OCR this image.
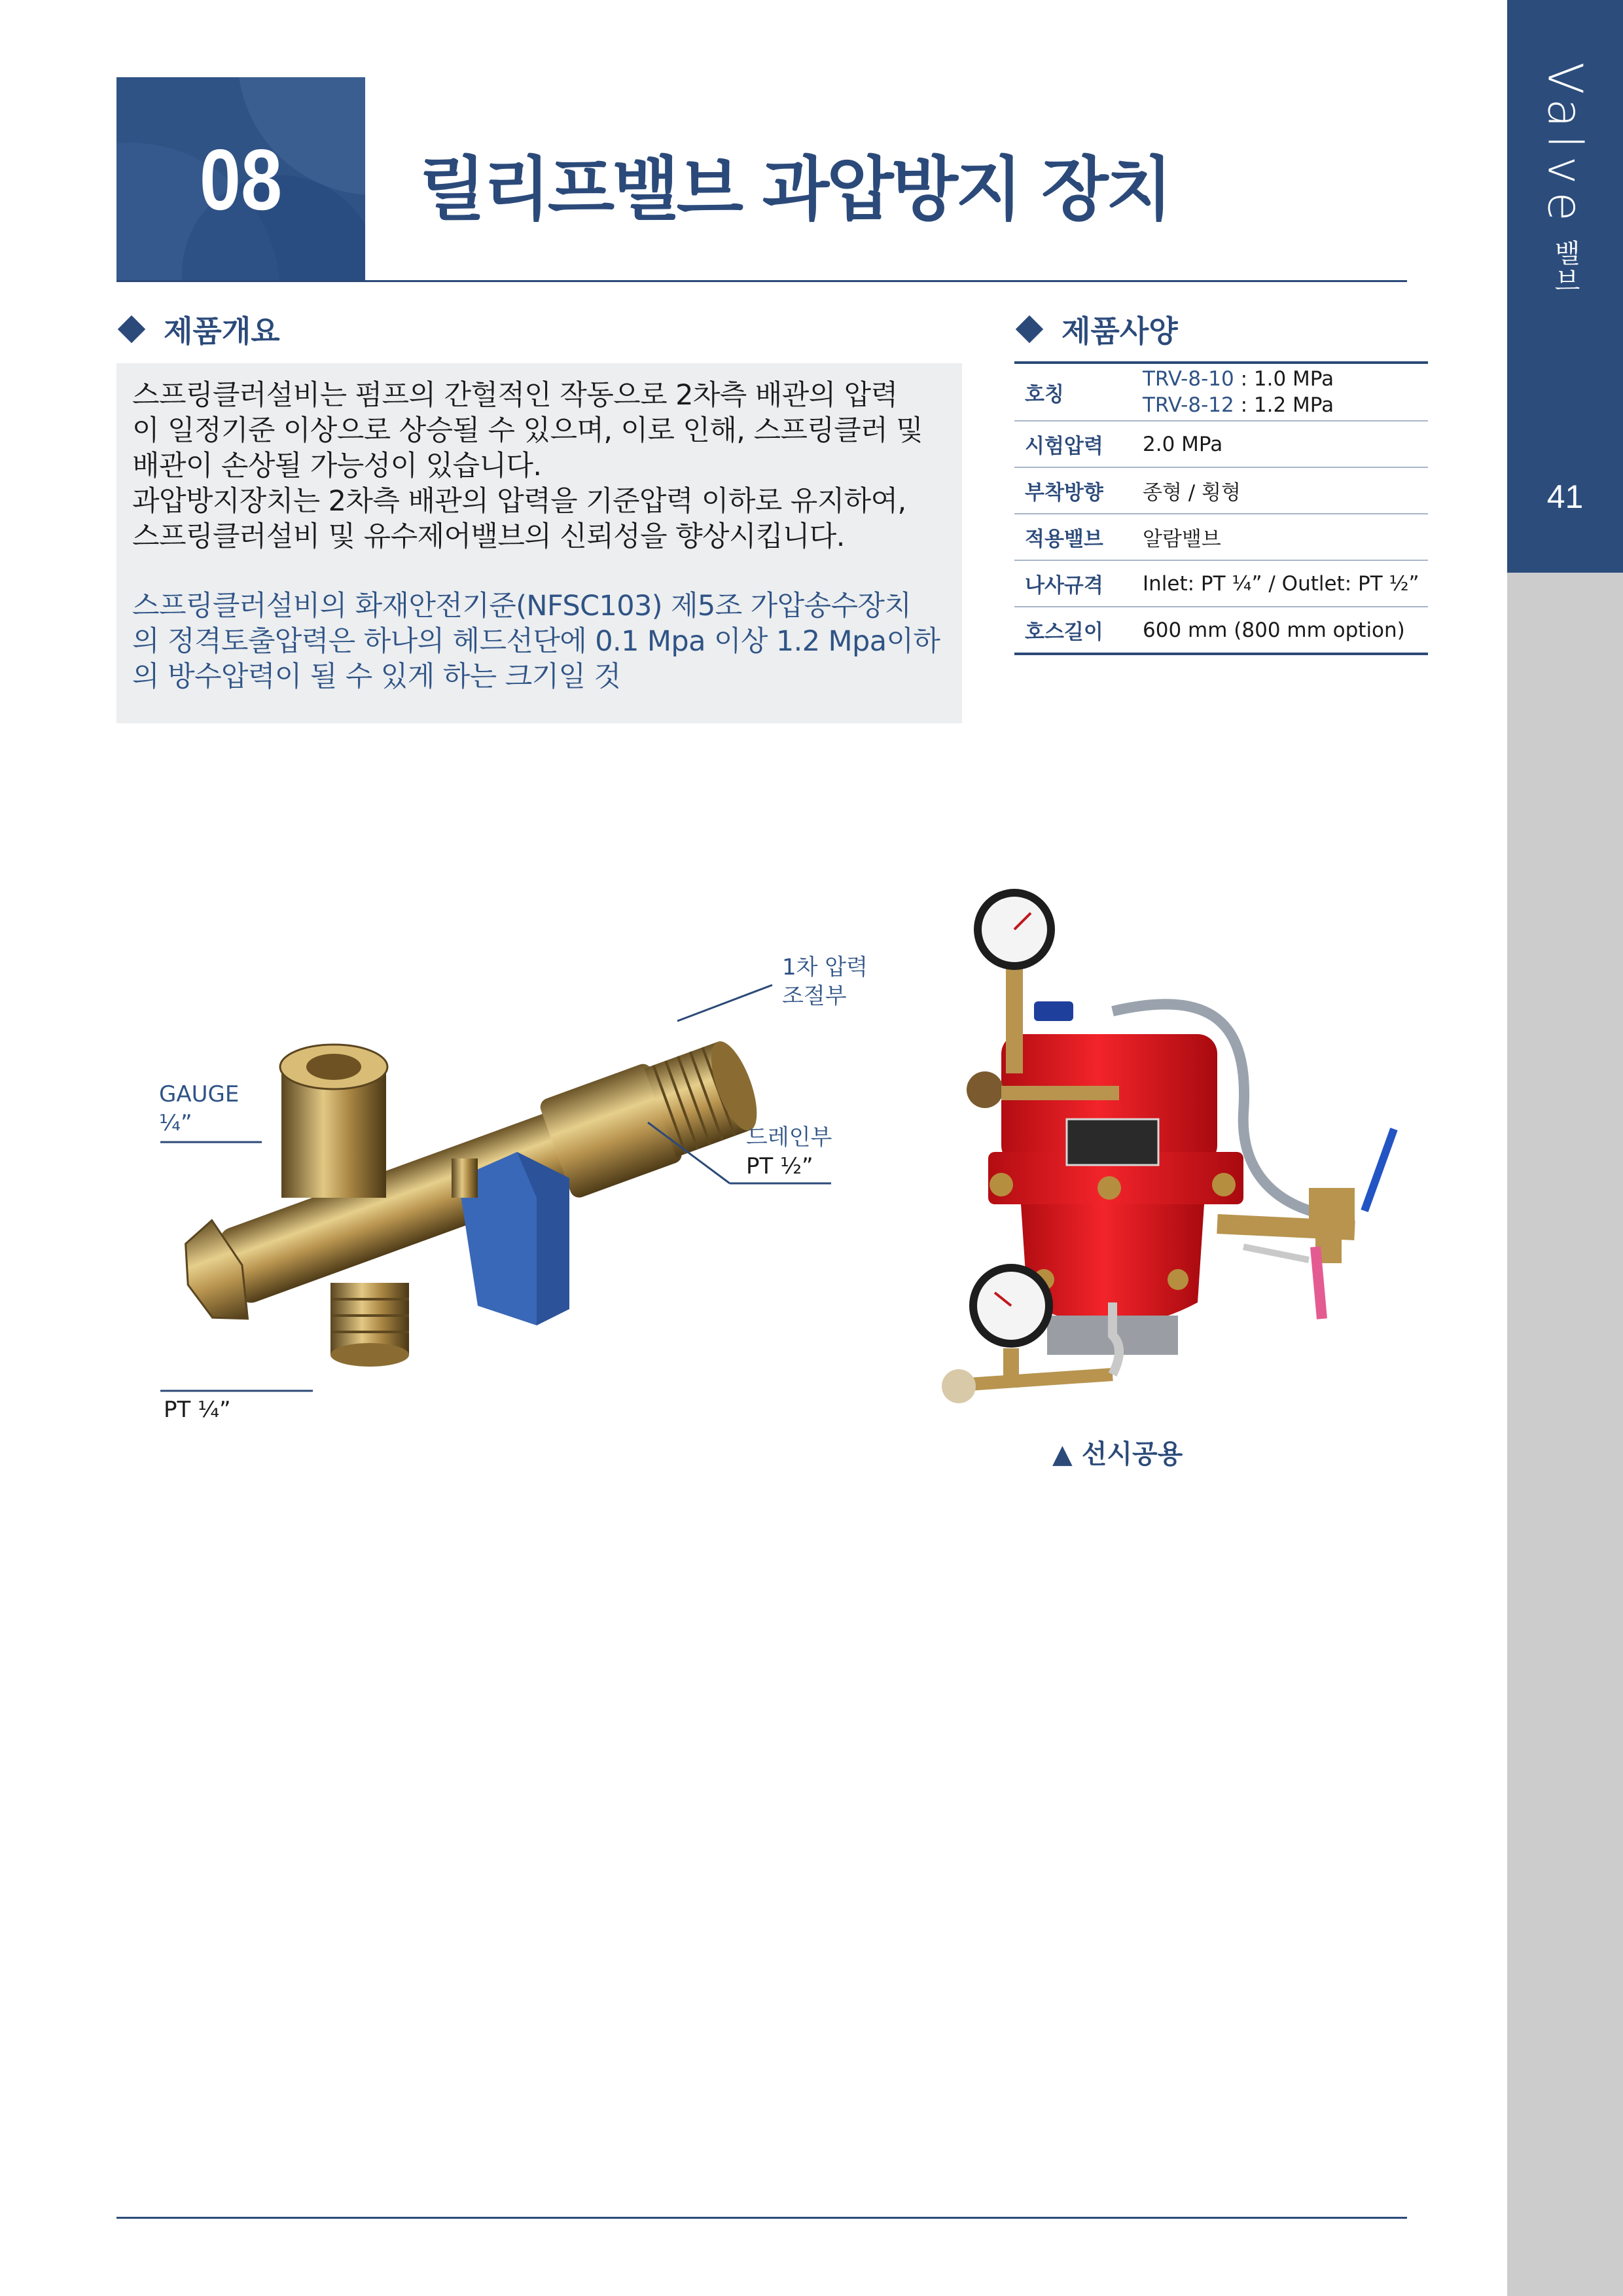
Valve밸브
41
08	릴리프밸브 과압방지 장치
제품개요

스프링클러설비는 펌프의 간헐적인 작동으로 2차측 배관의 압력
이 일정기준 이상으로 상승될 수 있으며, 이로 인해, 스프링클러 및
배관이 손상될 가능성이 있습니다.
과압방지장치는 2차측 배관의 압력을 기준압력 이하로 유지하여,
스프링클러설비 및 유수제어밸브의 신뢰성을 향상시킵니다.

스프링클러설비의 화재안전기준(NFSC103) 제5조 가압송수장치
의 정격토출압력은 하나의 헤드선단에 0.1 Mpa 이상 1.2 Mpa이하
의 방수압력이 될 수 있게 하는 크기일 것

제품사양
호칭	TRV-8-10 : 1.0 MPa
TRV-8-12 : 1.2 MPa

시험압력	2.0 MPa
부착방향	종형 / 횡형
적용밸브	알람밸브
나사규격	Inlet: PT ¼” / Outlet: PT ½”
호스길이	600 mm (800 mm option)
1차 압력
조절부
GAUGE
¼”
드레인부
PT ½”
PT ¼”
▲ 선시공용
